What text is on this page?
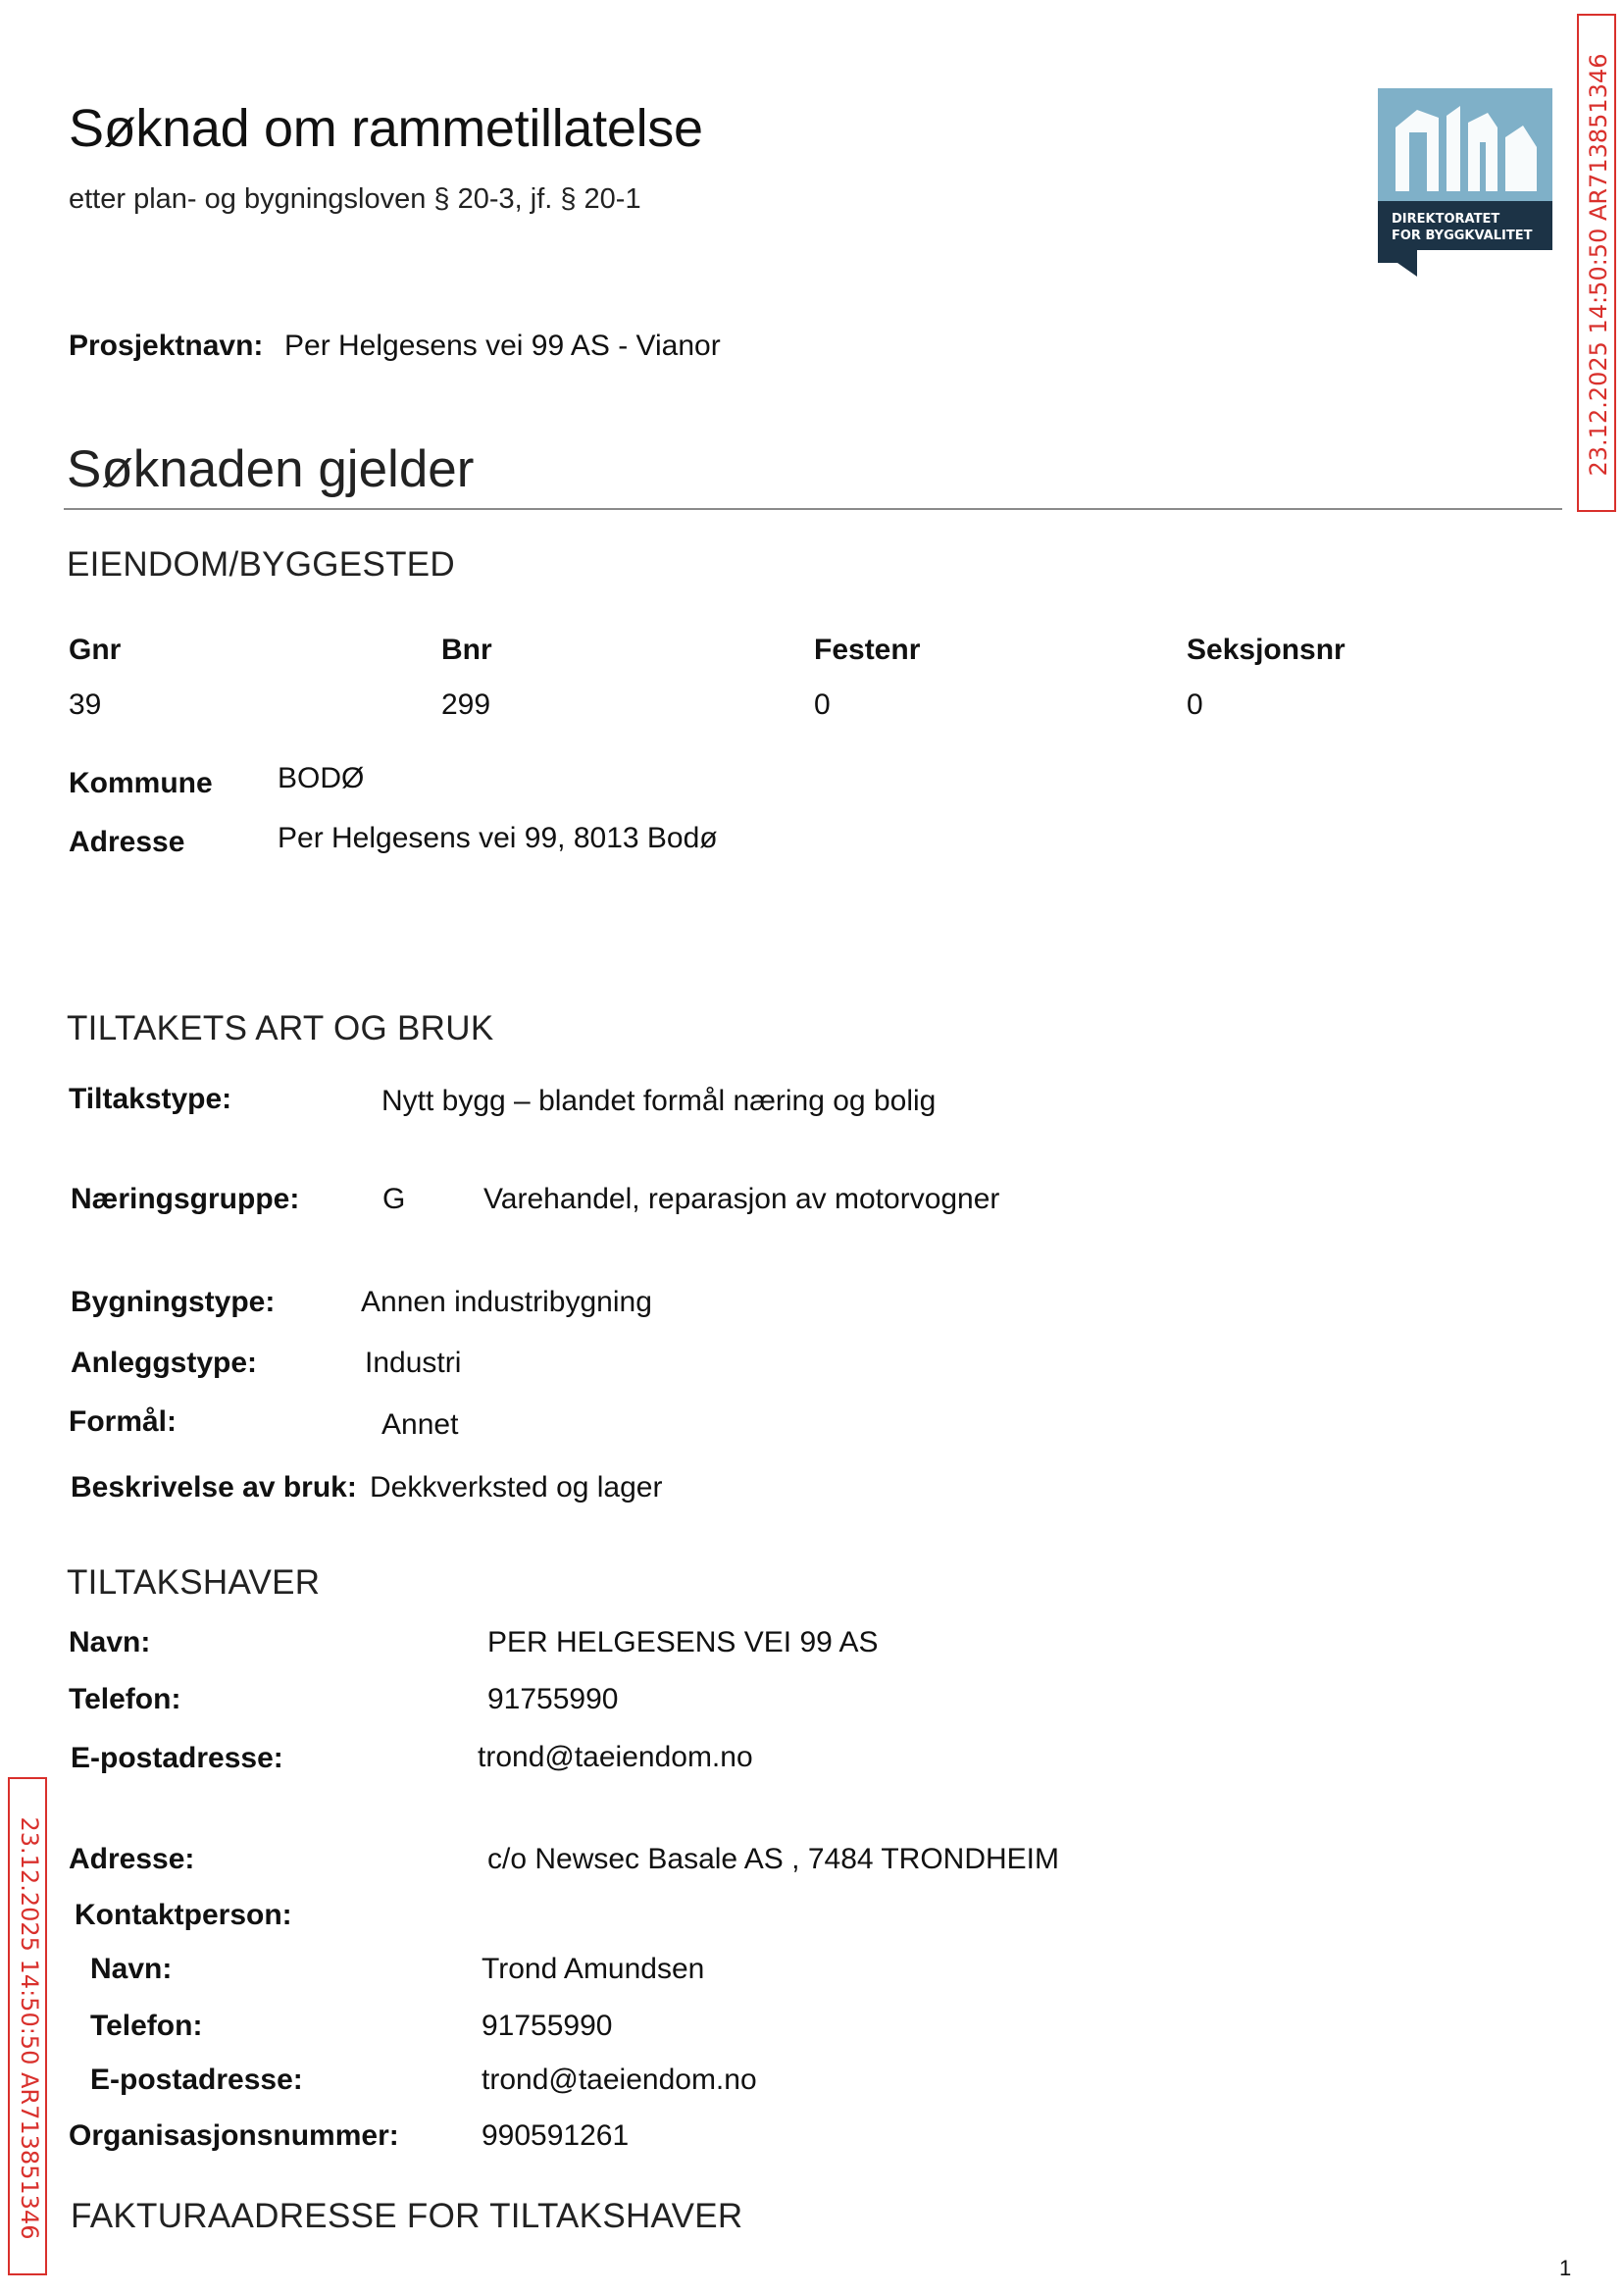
Søknad om rammetillatelse
etter plan- og bygningsloven § 20-3, jf. § 20-1
DIREKTORATET
FOR BYGGKVALITET 23.12.2025 14:50:50 AR713851346
23.12.2025 14:50:50 AR713851346
Prosjektnavn: Per Helgesens vei 99 AS - Vianor
Søknaden gjelder
EIENDOM/BYGGESTED
Gnr	Bnr	Festenr	Seksjonsnr
39	299	0	0
Kommune BODØ
Adresse	Per Helgesens vei 99, 8013 Bodø
TILTAKETS ART OG BRUK
Tiltakstype:	Nytt bygg – blandet formål næring og bolig
Næringsgruppe:	G	Varehandel, reparasjon av motorvogner
Bygningstype:	Annen industribygning
Anleggstype:	Industri
Formål:	Annet
Beskrivelse av bruk: Dekkverksted og lager
TILTAKSHAVER
Navn:	PER HELGESENS VEI 99 AS
Telefon:	91755990
E-postadresse:	trond@taeiendom.no
Adresse:	c/o Newsec Basale AS , 7484 TRONDHEIM
Kontaktperson:
Navn:	Trond Amundsen
Telefon:	91755990
E-postadresse:	trond@taeiendom.no
Organisasjonsnummer:	990591261
FAKTURAADRESSE FOR TILTAKSHAVER
1
